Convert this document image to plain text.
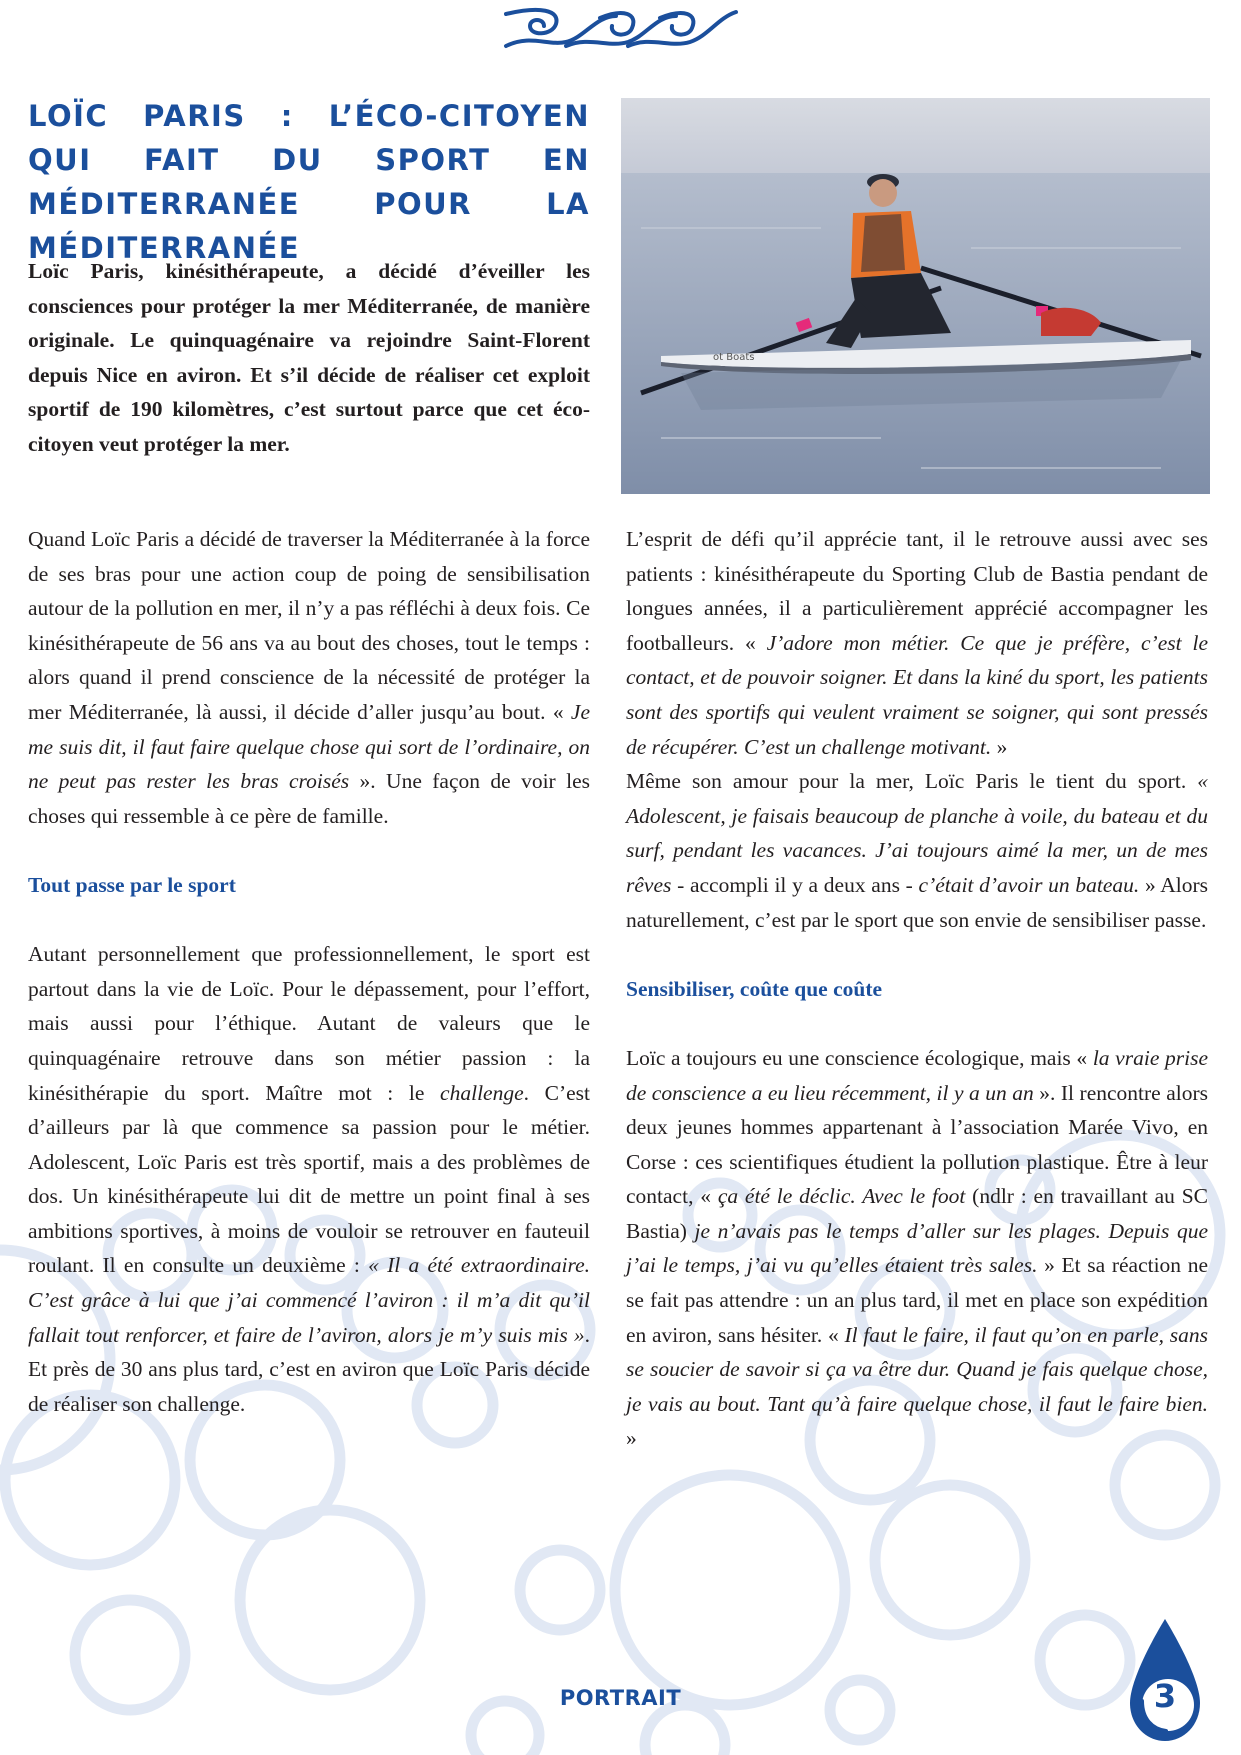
LOÏC PARIS : L’ÉCO-CITOYEN QUI FAIT DU SPORT EN MÉDITERRANÉE POUR LA MÉDITERRANÉE

Loïc Paris, kinésithérapeute, a décidé d’éveiller les consciences pour protéger la mer Méditerranée, de manière originale. Le quinquagénaire va rejoindre Saint-Florent depuis Nice en aviron. Et s’il décide de réaliser cet exploit sportif de 190 kilomètres, c’est surtout parce que cet éco-citoyen veut protéger la mer.

ot Boats

Quand Loïc Paris a décidé de traverser la Méditerranée à la force de ses bras pour une action coup de poing de sensibilisation autour de la pollution en mer, il n’y a pas réfléchi à deux fois. Ce kinésithérapeute de 56 ans va au bout des choses, tout le temps : alors quand il prend conscience de la nécessité de protéger la mer Méditerranée, là aussi, il décide d’aller jusqu’au bout. « Je me suis dit, il faut faire quelque chose qui sort de l’ordinaire, on ne peut pas rester les bras croisés ». Une façon de voir les choses qui ressemble à ce père de famille.

Tout passe par le sport

Autant personnellement que professionnellement, le sport est partout dans la vie de Loïc. Pour le dépassement, pour l’effort, mais aussi pour l’éthique. Autant de valeurs que le quinquagénaire retrouve dans son métier passion : la kinésithérapie du sport. Maître mot : le challenge. C’est d’ailleurs par là que commence sa passion pour le métier. Adolescent, Loïc Paris est très sportif, mais a des problèmes de dos. Un kinésithérapeute lui dit de mettre un point final à ses ambitions sportives, à moins de vouloir se retrouver en fauteuil roulant. Il en consulte un deuxième : « Il a été extraordinaire. C’est grâce à lui que j’ai commencé l’aviron : il m’a dit qu’il fallait tout renforcer, et faire de l’aviron, alors je m’y suis mis ». Et près de 30 ans plus tard, c’est en aviron que Loïc Paris décide de réaliser son challenge.

L’esprit de défi qu’il apprécie tant, il le retrouve aussi avec ses patients : kinésithérapeute du Sporting Club de Bastia pendant de longues années, il a particulièrement apprécié accompagner les footballeurs. « J’adore mon métier. Ce que je préfère, c’est le contact, et de pouvoir soigner. Et dans la kiné du sport, les patients sont des sportifs qui veulent vraiment se soigner, qui sont pressés de récupérer. C’est un challenge motivant. »

Même son amour pour la mer, Loïc Paris le tient du sport. « Adolescent, je faisais beaucoup de planche à voile, du bateau et du surf, pendant les vacances. J’ai toujours aimé la mer, un de mes rêves - accompli il y a deux ans - c’était d’avoir un bateau. » Alors naturellement, c’est par le sport que son envie de sensibiliser passe.

Sensibiliser, coûte que coûte

Loïc a toujours eu une conscience écologique, mais « la vraie prise de conscience a eu lieu récemment, il y a un an ». Il rencontre alors deux jeunes hommes appartenant à l’association Marée Vivo, en Corse : ces scientifiques étudient la pollution plastique. Être à leur contact, « ça été le déclic. Avec le foot (ndlr : en travaillant au SC Bastia) je n’avais pas le temps d’aller sur les plages. Depuis que j’ai le temps, j’ai vu qu’elles étaient très sales. » Et sa réaction ne se fait pas attendre : un an plus tard, il met en place son expédition en aviron, sans hésiter. « Il faut le faire, il faut qu’on en parle, sans se soucier de savoir si ça va être dur. Quand je fais quelque chose, je vais au bout. Tant qu’à faire quelque chose, il faut le faire bien. »

PORTRAIT	3
